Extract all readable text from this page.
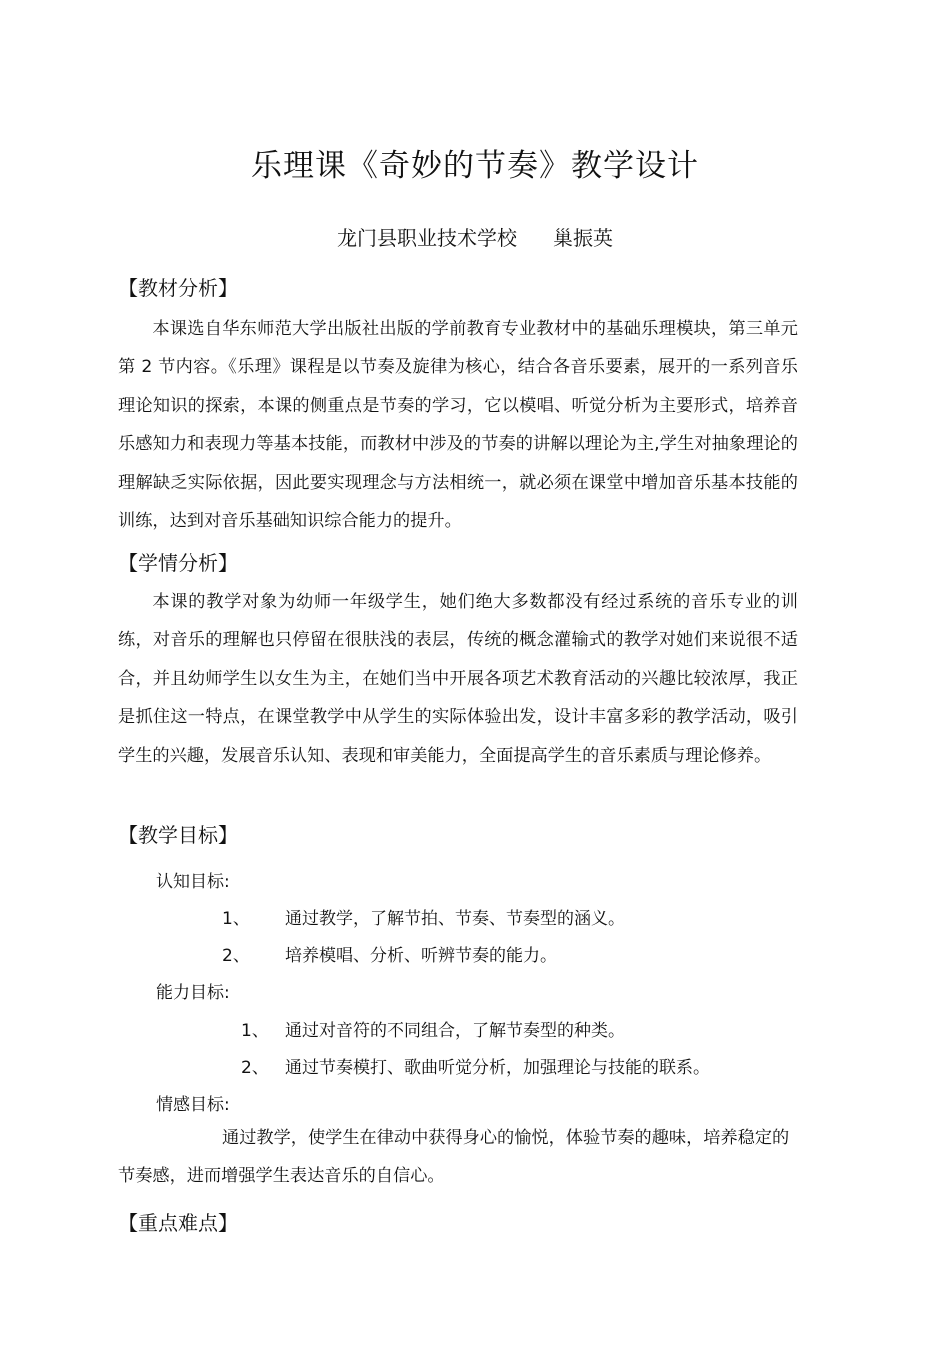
乐理课《奇妙的节奏》教学设计
龙门县职业技术学校 巢振英
【教材分析】

本课选自华东师范大学出版社出版的学前教育专业教材中的基础乐理模块，第三单元第 2 节内容。《乐理》课程是以节奏及旋律为核心，结合各音乐要素，展开的一系列音乐理论知识的探索，本课的侧重点是节奏的学习，它以模唱、听觉分析为主要形式，培养音乐感知力和表现力等基本技能，而教材中涉及的节奏的讲解以理论为主,学生对抽象理论的理解缺乏实际依据，因此要实现理念与方法相统一，就必须在课堂中增加音乐基本技能的训练，达到对音乐基础知识综合能力的提升。

【学情分析】

本课的教学对象为幼师一年级学生，她们绝大多数都没有经过系统的音乐专业的训练，对音乐的理解也只停留在很肤浅的表层，传统的概念灌输式的教学对她们来说很不适合，并且幼师学生以女生为主，在她们当中开展各项艺术教育活动的兴趣比较浓厚，我正是抓住这一特点，在课堂教学中从学生的实际体验出发，设计丰富多彩的教学活动，吸引学生的兴趣，发展音乐认知、表现和审美能力，全面提高学生的音乐素质与理论修养。

【教学目标】
认知目标:
1、 通过教学，了解节拍、节奏、节奏型的涵义。
2、 培养模唱、分析、听辨节奏的能力。
能力目标:
1、 通过对音符的不同组合，了解节奏型的种类。
2、 通过节奏模打、歌曲听觉分析，加强理论与技能的联系。
情感目标:

通过教学，使学生在律动中获得身心的愉悦，体验节奏的趣味，培养稳定的节奏感，进而增强学生表达音乐的自信心。

【重点难点】
